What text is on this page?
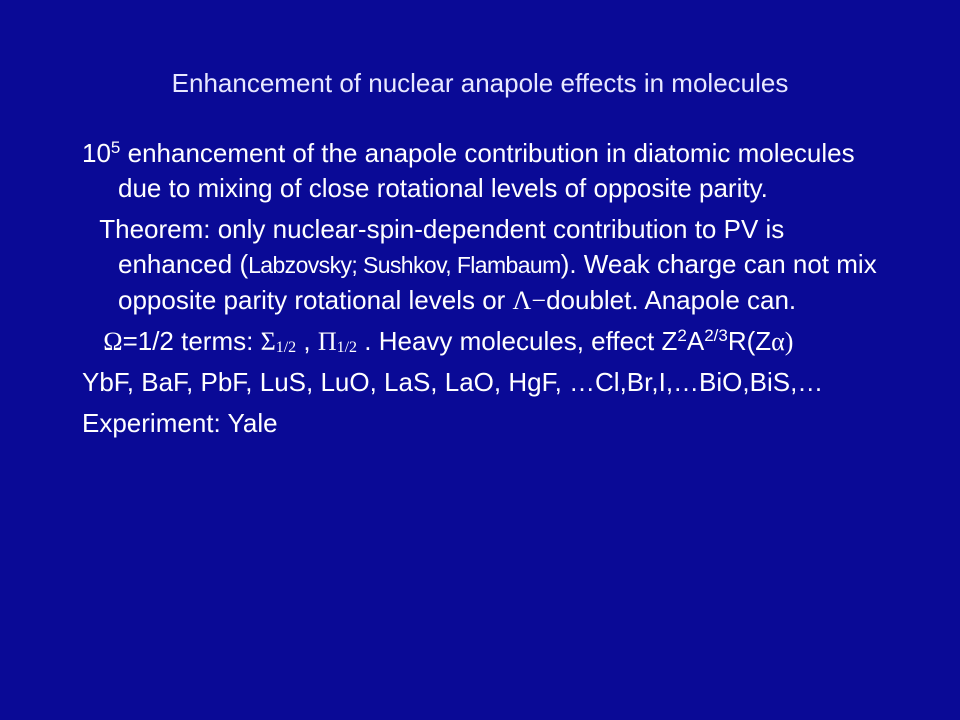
Enhancement of nuclear anapole effects in molecules

$10^5$ enhancement of the anapole contribution in diatomic molecules due to mixing of close rotational levels of opposite parity.

Theorem: only nuclear-spin-dependent contribution to PV is enhanced (Labzovsky; Sushkov, Flambaum). Weak charge can not mix opposite parity rotational levels or Λ−doublet. Anapole can.

Ω=1/2 terms: $\Sigma_{1/2}$ , $\Pi_{1/2}$ . Heavy molecules, effect $Z^2A^{2/3}R(Z\alpha)$

YbF, BaF, PbF, LuS, LuO, LaS, LaO, HgF, …Cl,Br,I,…BiO,BiS,…

Experiment: Yale
